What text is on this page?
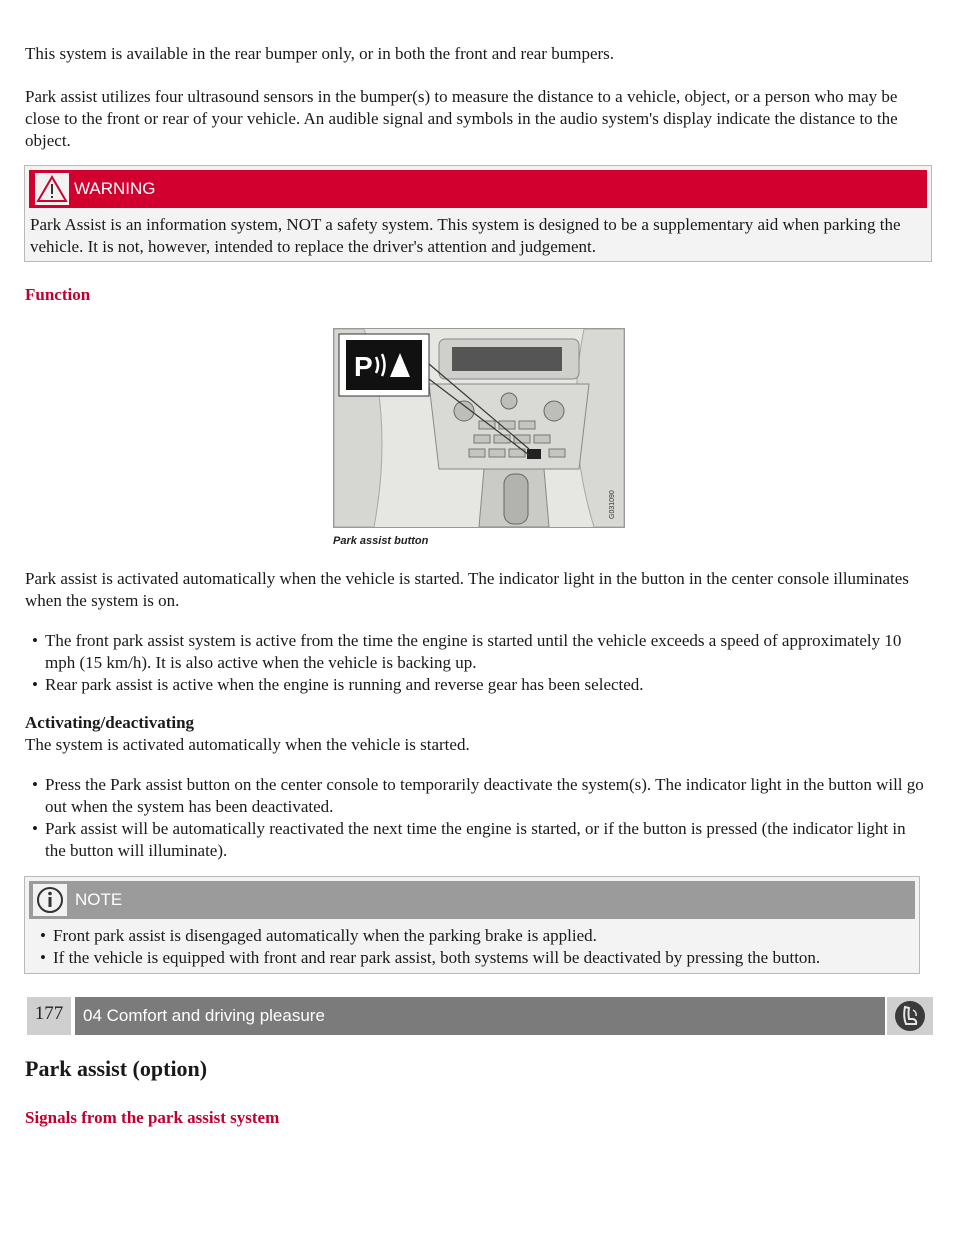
This system is available in the rear bumper only, or in both the front and rear bumpers.

Park assist utilizes four ultrasound sensors in the bumper(s) to measure the distance to a vehicle, object, or a person who may be close to the front or rear of your vehicle. An audible signal and symbols in the audio system's display indicate the distance to the object.

WARNING

Park Assist is an information system, NOT a safety system. This system is designed to be a supplementary aid when parking the vehicle. It is not, however, intended to replace the driver's attention and judgement.

Function

P
G031090
Park assist button

Park assist is activated automatically when the vehicle is started. The indicator light in the button in the center console illuminates when the system is on.

• The front park assist system is active from the time the engine is started until the vehicle exceeds a speed of approximately 10 mph (15 km/h). It is also active when the vehicle is backing up.
• Rear park assist is active when the engine is running and reverse gear has been selected.

Activating/deactivating

The system is activated automatically when the vehicle is started.

• Press the Park assist button on the center console to temporarily deactivate the system(s). The indicator light in the button will go out when the system has been deactivated.
• Park assist will be automatically reactivated the next time the engine is started, or if the button is pressed (the indicator light in the button will illuminate).
NOTE
• Front park assist is disengaged automatically when the parking brake is applied.
• If the vehicle is equipped with front and rear park assist, both systems will be deactivated by pressing the button.
177	04 Comfort and driving pleasure
Park assist (option)

Signals from the park assist system
